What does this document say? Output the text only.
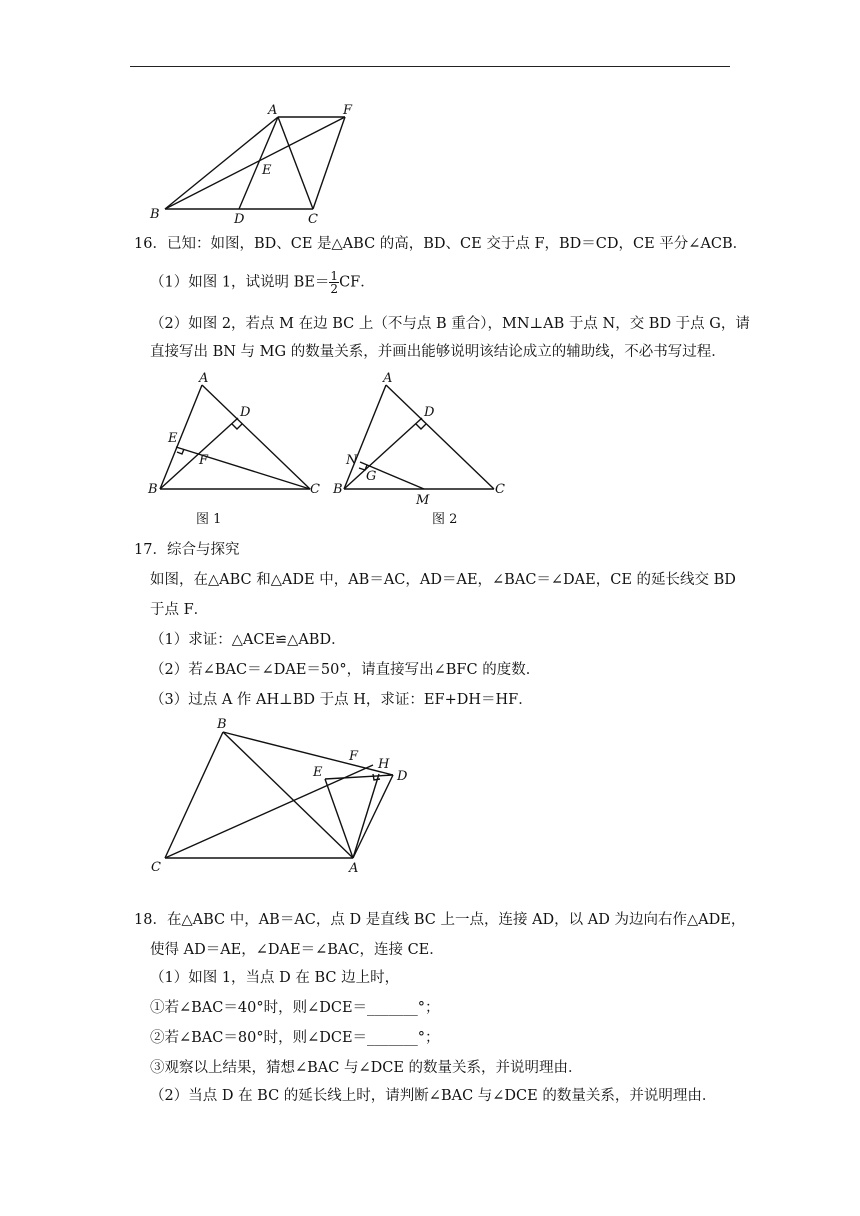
A	F
E
B	D	C
16．已知：如图，BD、CE 是△ABC 的高，BD、CE 交于点 F，BD＝CD，CE 平分∠ACB．
（1）如图 1，试说明 $BE= \frac{1}{2}$ CF．
（2）如图 2，若点 M 在边 BC 上（不与点 B 重合），MN⊥AB 于点 N，交 BD 于点 G，请
直接写出 BN 与 MG 的数量关系，并画出能够说明该结论成立的辅助线，不必书写过程．
A
D
E
F
B	C
图 1
A
D
N
G
B
M
C
图 2
17．综合与探究
如图，在△ABC 和△ADE 中，AB＝AC，AD＝AE，∠BAC＝∠DAE，CE 的延长线交 BD
于点 F．
（1）求证：△ACE≌△ABD．
（2）若∠BAC＝∠DAE＝50°，请直接写出∠BFC 的度数．
（3）过点 A 作 AH⊥BD 于点 H，求证：EF+DH＝HF．
B
F
H
E	D
C	A
18．在△ABC 中，AB＝AC，点 D 是直线 BC 上一点，连接 AD，以 AD 为边向右作△ADE，
使得 AD＝AE，∠DAE＝∠BAC，连接 CE．
（1）如图 1，当点 D 在 BC 边上时，
①若∠BAC＝40°时，则∠DCE＝_______°；
②若∠BAC＝80°时，则∠DCE＝_______°；
③观察以上结果，猜想∠BAC 与∠DCE 的数量关系，并说明理由．
（2）当点 D 在 BC 的延长线上时，请判断∠BAC 与∠DCE 的数量关系，并说明理由．
